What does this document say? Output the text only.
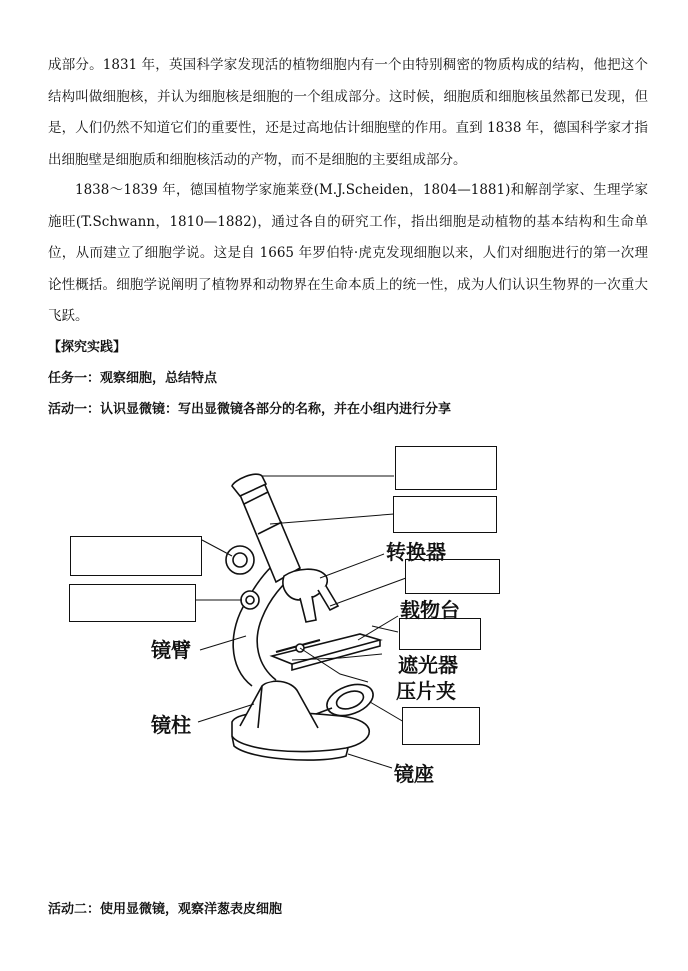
成部分。1831 年，英国科学家发现活的植物细胞内有一个由特别稠密的物质构成的结构，他把这个结构叫做细胞核，并认为细胞核是细胞的一个组成部分。这时候，细胞质和细胞核虽然都已发现，但是，人们仍然不知道它们的重要性，还是过高地估计细胞壁的作用。直到 1838 年，德国科学家才指出细胞壁是细胞质和细胞核活动的产物，而不是细胞的主要组成部分。

1838～1839 年，德国植物学家施莱登(M.J.Scheiden，1804—1881)和解剖学家、生理学家施旺(T.Schwann，1810—1882)，通过各自的研究工作，指出细胞是动植物的基本结构和生命单位，从而建立了细胞学说。这是自 1665 年罗伯特·虎克发现细胞以来，人们对细胞进行的第一次理论性概括。细胞学说阐明了植物界和动物界在生命本质上的统一性，成为人们认识生物界的一次重大飞跃。

【探究实践】

任务一：观察细胞，总结特点

活动一：认识显微镜：写出显微镜各部分的名称，并在小组内进行分享

转换器
载物台
遮光器
压片夹
镜臂
镜柱
镜座

活动二：使用显微镜，观察洋葱表皮细胞
